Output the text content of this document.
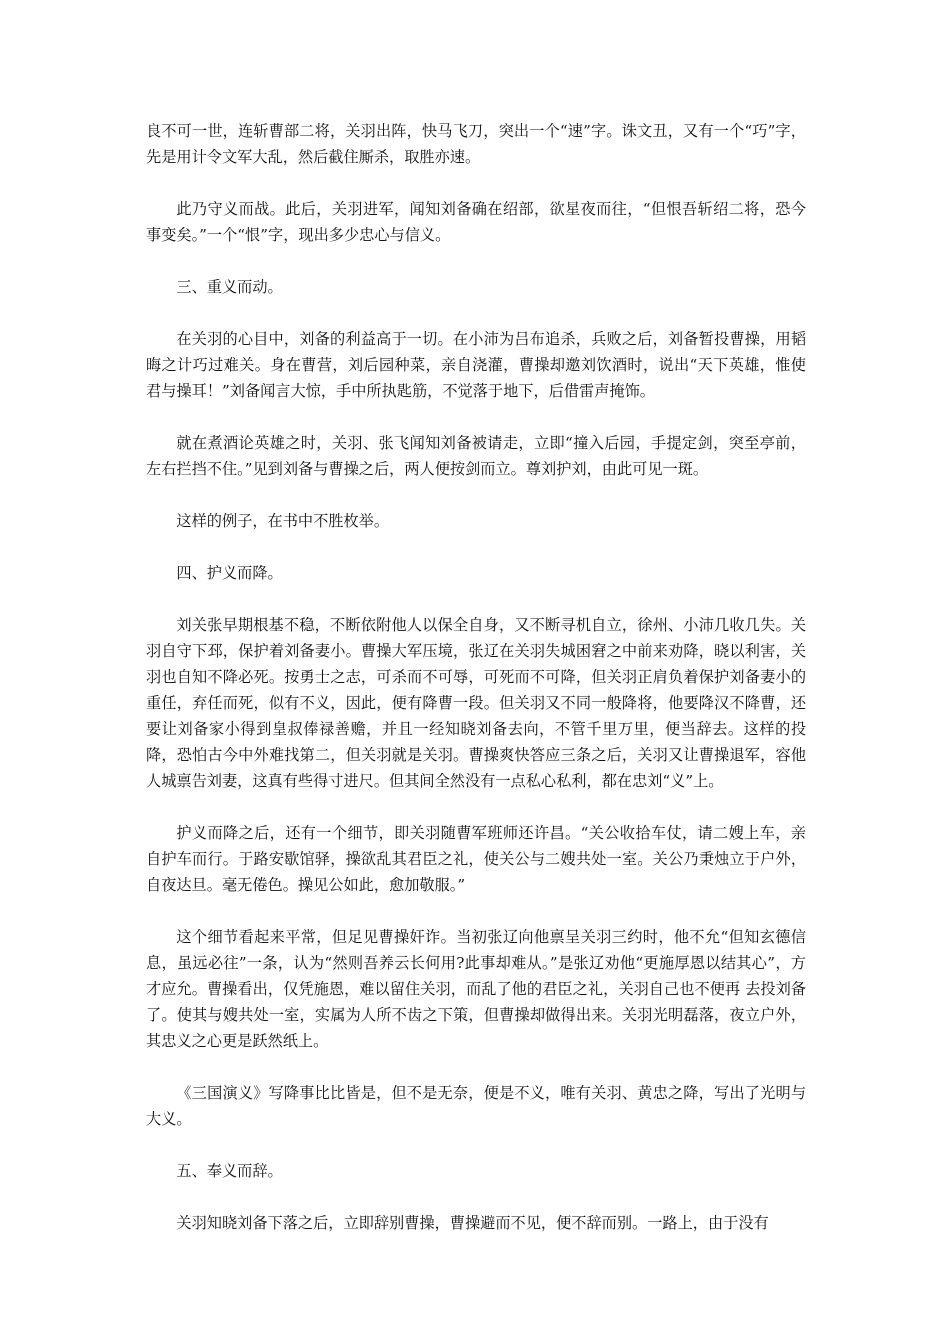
良不可一世，连斩曹部二将，关羽出阵，快马飞刀，突出一个“速”字。诛文丑，又有一个“巧”字，先是用计令文军大乱，然后截住厮杀，取胜亦速。

此乃守义而战。此后，关羽进军，闻知刘备确在绍部，欲星夜而往，“但恨吾斩绍二将，恐今事变矣。”一个“恨”字，现出多少忠心与信义。

三、重义而动。

在关羽的心目中，刘备的利益高于一切。在小沛为吕布追杀，兵败之后，刘备暂投曹操，用韬晦之计巧过难关。身在曹营，刘后园种菜，亲自浇灌，曹操却邀刘饮酒时，说出“天下英雄，惟使君与操耳！”刘备闻言大惊，手中所执匙筋，不觉落于地下，后借雷声掩饰。

就在煮酒论英雄之时，关羽、张飞闻知刘备被请走，立即“撞入后园，手提定剑，突至亭前，左右拦挡不住。”见到刘备与曹操之后，两人便按剑而立。尊刘护刘，由此可见一斑。

这样的例子，在书中不胜枚举。

四、护义而降。

刘关张早期根基不稳，不断依附他人以保全自身，又不断寻机自立，徐州、小沛几收几失。关羽自守下邳，保护着刘备妻小。曹操大军压境，张辽在关羽失城困窘之中前来劝降，晓以利害，关羽也自知不降必死。按勇士之志，可杀而不可辱，可死而不可降，但关羽正肩负着保护刘备妻小的重任，弃任而死，似有不义，因此，便有降曹一段。但关羽又不同一般降将，他要降汉不降曹，还要让刘备家小得到皇叔俸禄善赡，并且一经知晓刘备去向，不管千里万里，便当辞去。这样的投降，恐怕古今中外难找第二，但关羽就是关羽。曹操爽快答应三条之后，关羽又让曹操退军，容他人城禀告刘妻，这真有些得寸进尺。但其间全然没有一点私心私利，都在忠刘“义”上。

护义而降之后，还有一个细节，即关羽随曹军班师还许昌。“关公收拾车仗，请二嫂上车，亲自护车而行。于路安歇馆驿，操欲乱其君臣之礼，使关公与二嫂共处一室。关公乃秉烛立于户外，自夜达旦。毫无倦色。操见公如此，愈加敬服。”

这个细节看起来平常，但足见曹操奸诈。当初张辽向他禀呈关羽三约时，他不允“但知玄德信息，虽远必往”一条，认为“然则吾养云长何用?此事却难从。”是张辽劝他“更施厚恩以结其心”，方才应允。曹操看出，仅凭施恩，难以留住关羽，而乱了他的君臣之礼，关羽自己也不便再 去投刘备了。使其与嫂共处一室，实属为人所不齿之下策，但曹操却做得出来。关羽光明磊落，夜立户外，其忠义之心更是跃然纸上。

《三国演义》写降事比比皆是，但不是无奈，便是不义，唯有关羽、黄忠之降，写出了光明与大义。

五、奉义而辞。

关羽知晓刘备下落之后，立即辞别曹操，曹操避而不见，便不辞而别。一路上，由于没有
